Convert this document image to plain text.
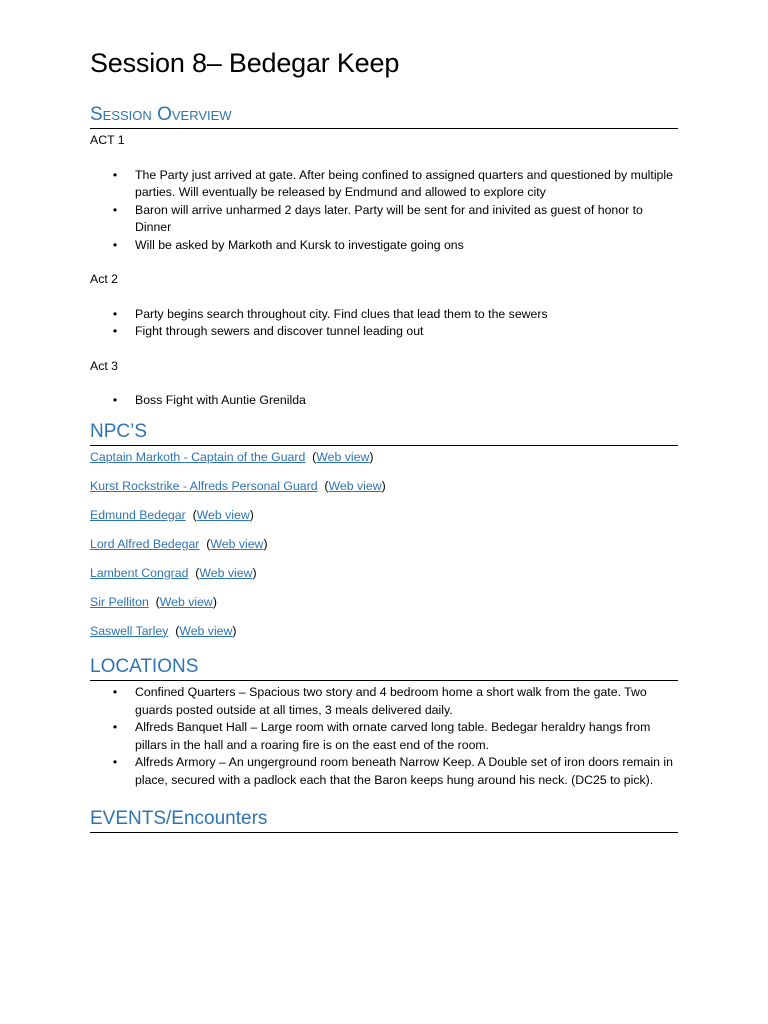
Session 8– Bedegar Keep
Session Overview

ACT 1

• The Party just arrived at gate. After being confined to assigned quarters and questioned by multiple parties. Will eventually be released by Endmund and allowed to explore city
• Baron will arrive unharmed 2 days later. Party will be sent for and inivited as guest of honor to Dinner
• Will be asked by Markoth and Kursk to investigate going ons

Act 2

• Party begins search throughout city. Find clues that lead them to the sewers
• Fight through sewers and discover tunnel leading out

Act 3

• Boss Fight with Auntie Grenilda
NPC’S

Captain Markoth - Captain of the Guard (Web view)

Kurst Rockstrike - Alfreds Personal Guard (Web view)

Edmund Bedegar (Web view)

Lord Alfred Bedegar (Web view)

Lambent Congrad (Web view)

Sir Pelliton (Web view)

Saswell Tarley (Web view)

LOCATIONS
• Confined Quarters – Spacious two story and 4 bedroom home a short walk from the gate. Two guards posted outside at all times, 3 meals delivered daily.
• Alfreds Banquet Hall – Large room with ornate carved long table. Bedegar heraldry hangs from pillars in the hall and a roaring fire is on the east end of the room.
• Alfreds Armory – An ungerground room beneath Narrow Keep. A Double set of iron doors remain in place, secured with a padlock each that the Baron keeps hung around his neck. (DC25 to pick).
EVENTS/Encounters
